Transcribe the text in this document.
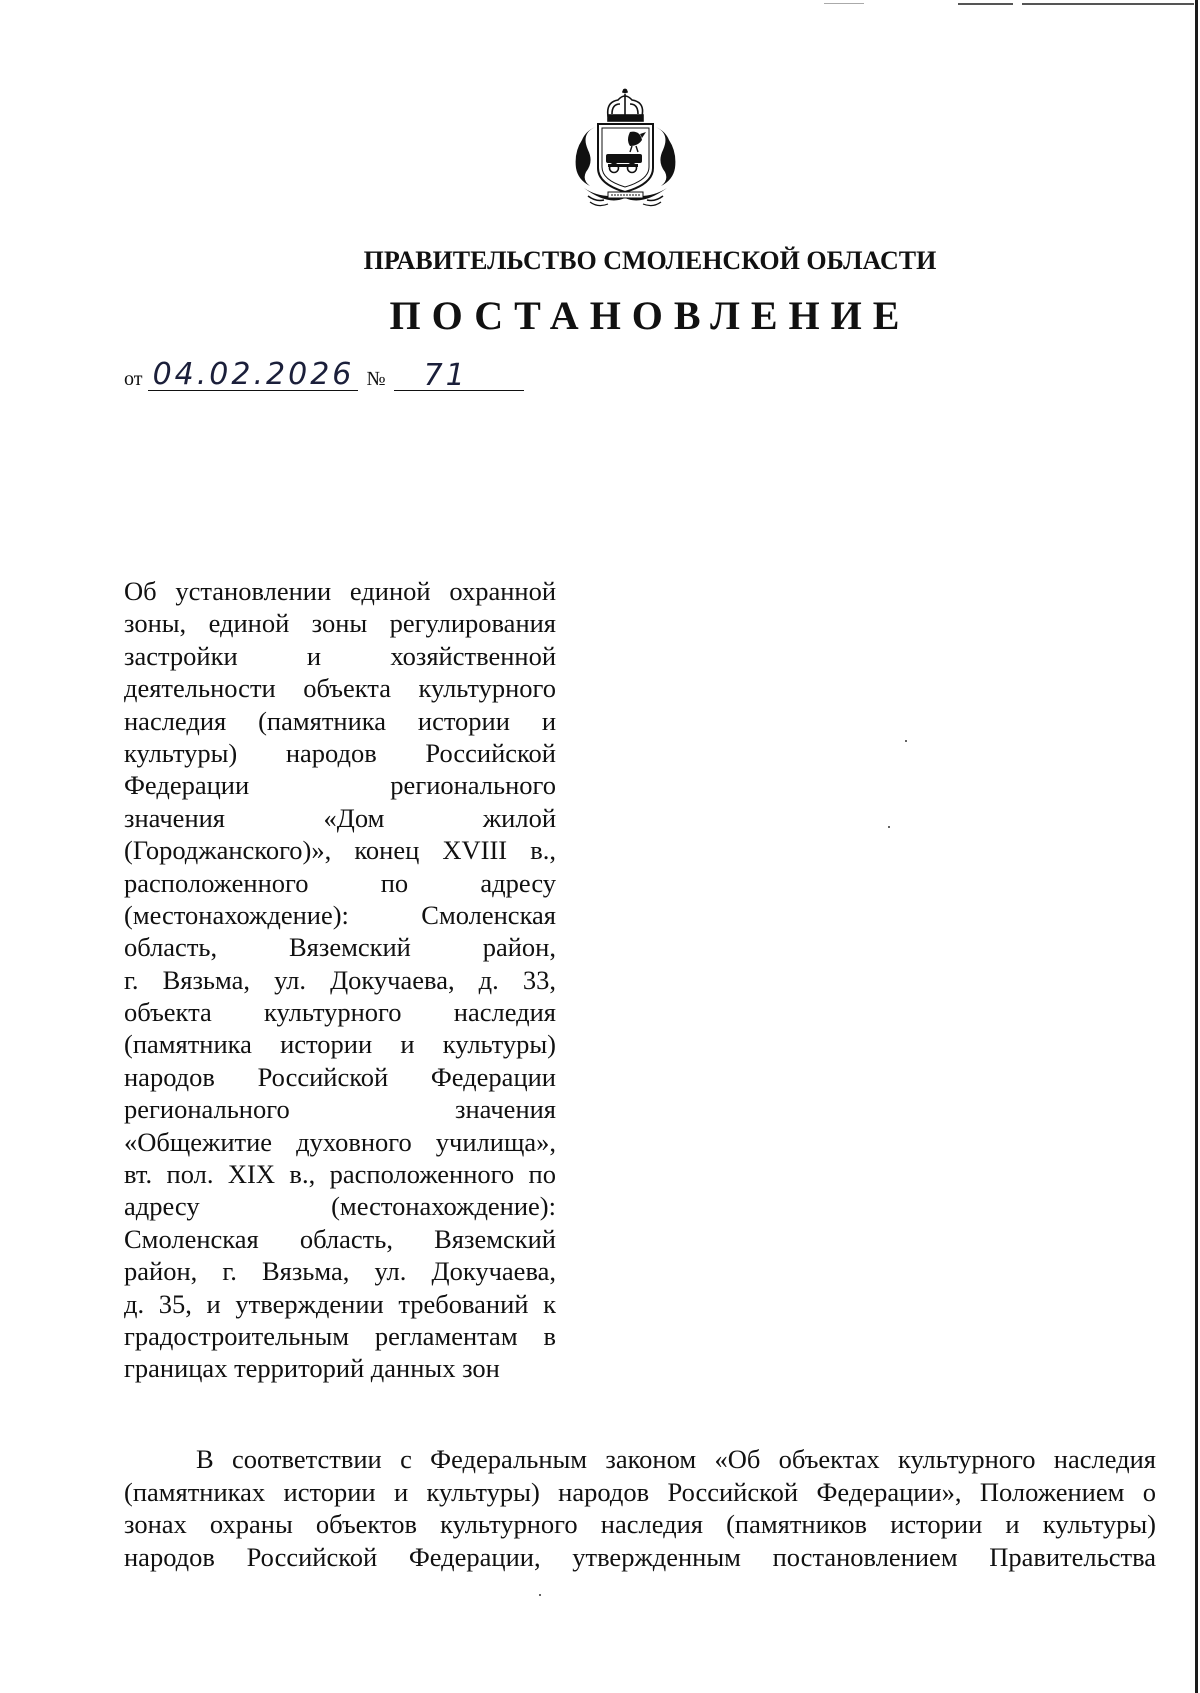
ПРАВИТЕЛЬСТВО СМОЛЕНСКОЙ ОБЛАСТИ
ПОСТАНОВЛЕНИЕ
от 04.02.2026 №	71
Об установлении единой охранной
зоны, единой зоны регулирования
застройки и хозяйственной
деятельности объекта культурного
наследия (памятника истории и
культуры) народов Российской
Федерации регионального
значения «Дом жилой
(Городжанского)», конец XVIII в.,
расположенного по адресу
(местонахождение): Смоленская
область, Вяземский район,
г. Вязьма, ул. Докучаева, д. 33,
объекта культурного наследия
(памятника истории и культуры)
народов Российской Федерации
регионального значения
«Общежитие духовного училища»,
вт. пол. XIX в., расположенного по
адресу (местонахождение):
Смоленская область, Вяземский
район, г. Вязьма, ул. Докучаева,
д. 35, и утверждении требований к
градостроительным регламентам в
границах территорий данных зон
В соответствии с Федеральным законом «Об объектах культурного наследия
(памятниках истории и культуры) народов Российской Федерации», Положением о
зонах охраны объектов культурного наследия (памятников истории и культуры)
народов Российской Федерации, утвержденным постановлением Правительства
